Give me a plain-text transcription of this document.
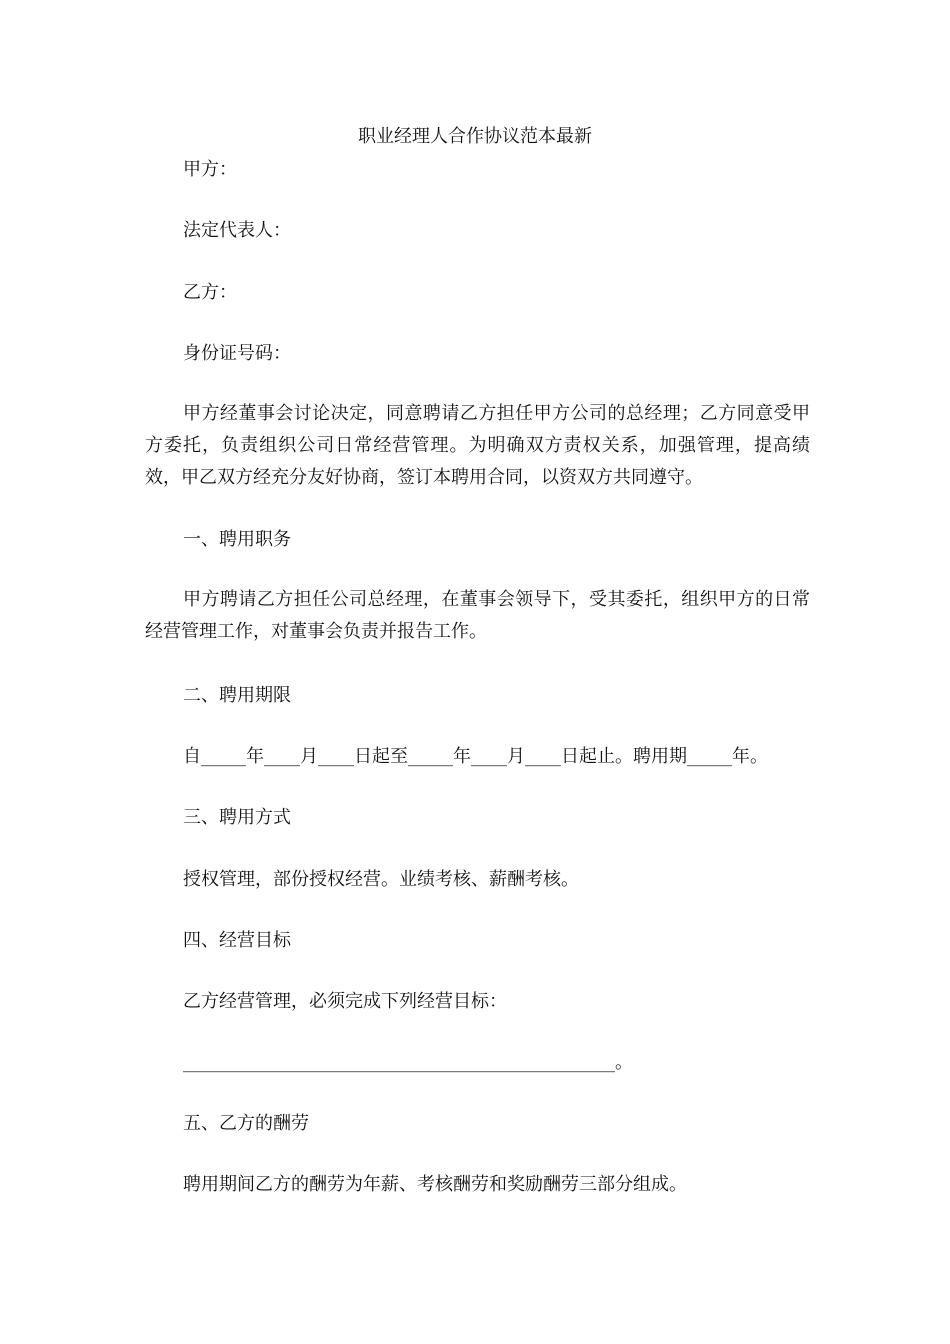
职业经理人合作协议范本最新
甲方：
法定代表人：
乙方：
身份证号码：
甲方经董事会讨论决定，同意聘请乙方担任甲方公司的总经理；乙方同意受甲方委托，负责组织公司日常经营管理。为明确双方责权关系，加强管理，提高绩效，甲乙双方经充分友好协商，签订本聘用合同，以资双方共同遵守。
一、聘用职务
甲方聘请乙方担任公司总经理，在董事会领导下，受其委托，组织甲方的日常经营管理工作，对董事会负责并报告工作。
二、聘用期限
自_____年____月____日起至_____年____月____日起止。聘用期_____年。
三、聘用方式
授权管理，部份授权经营。业绩考核、薪酬考核。
四、经营目标
乙方经营管理，必须完成下列经营目标：
________________________________________________。
五、乙方的酬劳
聘用期间乙方的酬劳为年薪、考核酬劳和奖励酬劳三部分组成。
